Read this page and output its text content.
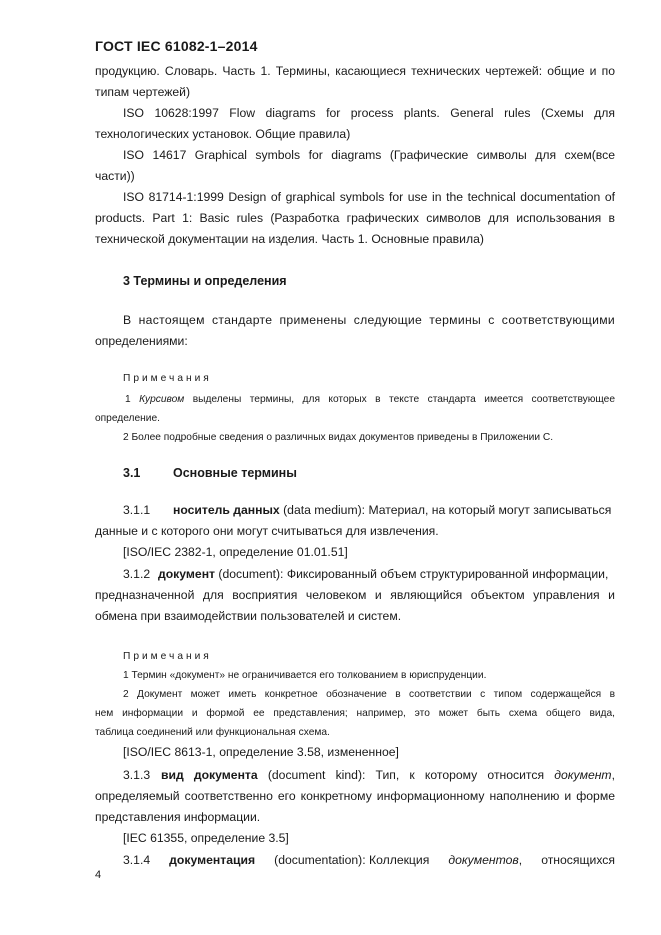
ГОСТ IEC 61082-1–2014
продукцию. Словарь. Часть 1. Термины, касающиеся технических чертежей: общие и по
типам чертежей)
ISO 10628:1997 Flow diagrams for process plants. General rules (Схемы для
технологических установок. Общие правила)
ISO 14617 Graphical symbols for diagrams (Графические символы для схем(все
части))
ISO 81714-1:1999 Design of graphical symbols for use in the technical documentation of
products. Part 1: Basic rules (Разработка графических символов для использования в
технической документации на изделия. Часть 1. Основные правила)
3 Термины и определения
В настоящем стандарте применены следующие термины с соответствующими
определениями:
Примечания
1 Курсивом выделены термины, для которых в тексте стандарта имеется соответствующее
определение.
2 Более подробные сведения о различных видах документов приведены в Приложении С.
3.1	Основные термины
3.1.1 носитель данных (data medium): Материал, на который могут записываться
данные и с которого они могут считываться для извлечения.
[ISO/IEC 2382-1, определение 01.01.51]
3.1.2 документ (document): Фиксированный объем структурированной информации,
предназначенной для восприятия человеком и являющийся объектом управления и
обмена при взаимодействии пользователей и систем.
Примечания
1 Термин «документ» не ограничивается его толкованием в юриспруденции.
2 Документ может иметь конкретное обозначение в соответствии с типом содержащейся в
нем информации и формой ее представления; например, это может быть схема общего вида,
таблица соединений или функциональная схема.
[ISO/IEC 8613-1, определение 3.58, измененное]
3.1.3 вид документа (document kind): Тип, к которому относится документ,
определяемый соответственно его конкретному информационному наполнению и форме
представления информации.
[IEC 61355, определение 3.5]
3.1.4 документация (documentation): Коллекция документов, относящихся
4
